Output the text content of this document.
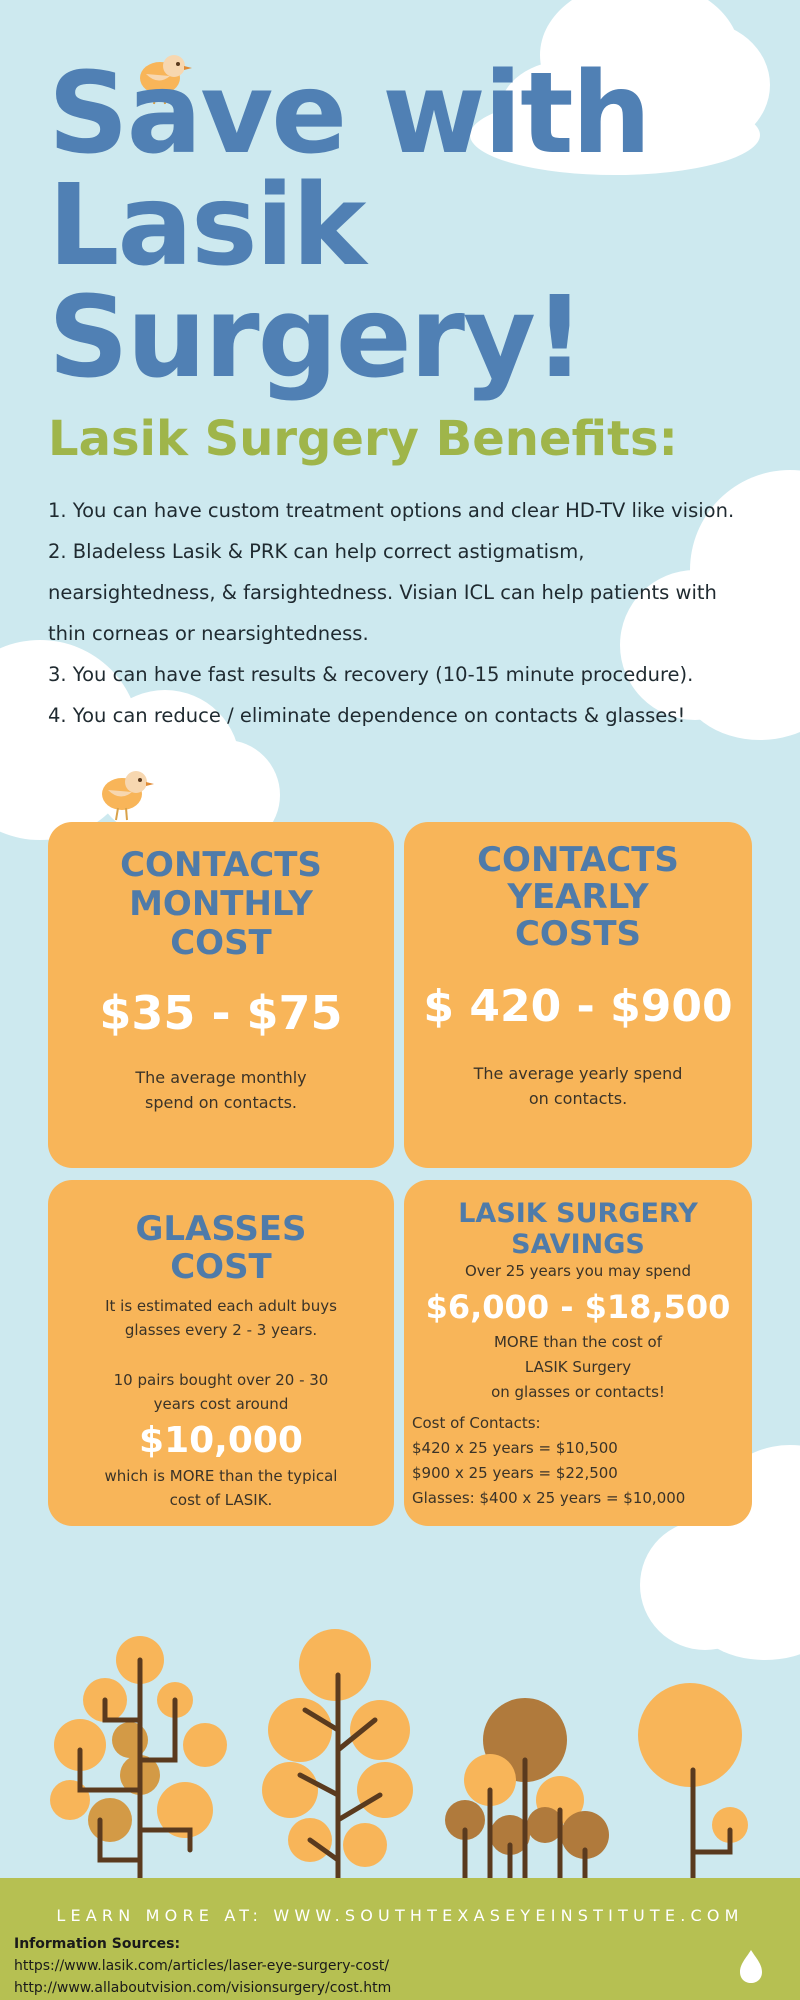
Save with
Lasik
Surgery!
Lasik Surgery Benefits:
1. You can have custom treatment options and clear HD-TV like vision.
2. Bladeless Lasik & PRK can help correct astigmatism, nearsightedness, & farsightedness. Visian ICL can help patients with thin corneas or nearsightedness.
3. You can have fast results & recovery (10-15 minute procedure).
4. You can reduce / eliminate dependence on contacts & glasses!

CONTACTS

MONTHLY

COST

$35 - $75

The average monthly

spend on contacts.

CONTACTS

YEARLY

COSTS

$ 420 - $900

The average yearly spend

on contacts.

GLASSES

COST

It is estimated each adult buys

glasses every 2 - 3 years.

10 pairs bought over 20 - 30

years cost around

$10,000

which is MORE than the typical

cost of LASIK.

LASIK SURGERY

SAVINGS

Over 25 years you may spend

$6,000 - $18,500

MORE than the cost of

LASIK Surgery

on glasses or contacts!

Cost of Contacts:

$420 x 25 years = $10,500

$900 x 25 years = $22,500

Glasses: $400 x 25 years = $10,000

LEARN MORE AT: WWW.SOUTHTEXASEYEINSTITUTE.COM

Information Sources:
https://www.lasik.com/articles/laser-eye-surgery-cost/
http://www.allaboutvision.com/visionsurgery/cost.htm
